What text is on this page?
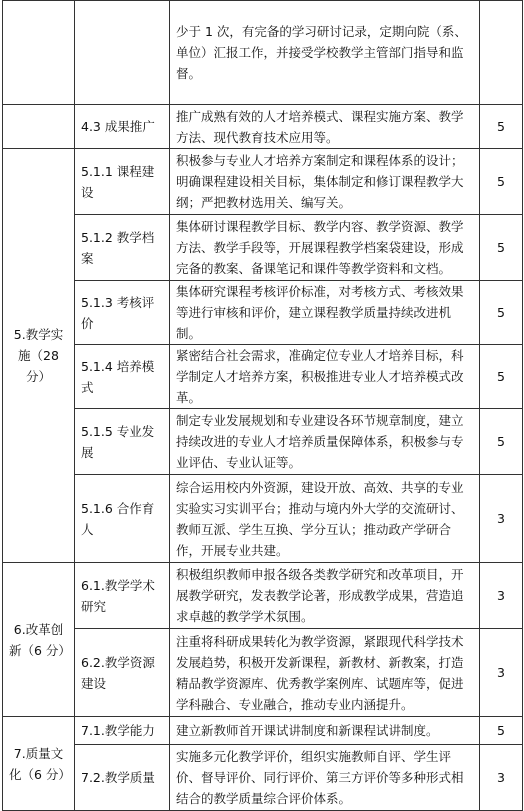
		少于 1 次，有完备的学习研讨记录，定期向院（系、单位）汇报工作，并接受学校教学主管部门指导和监督。	
	4.3 成果推广	推广成熟有效的人才培养模式、课程实施方案、教学方法、现代教育技术应用等。	5
5.教学实施（28 分）	5.1.1 课程建设	积极参与专业人才培养方案制定和课程体系的设计；明确课程建设相关目标，集体制定和修订课程教学大纲；严把教材选用关、编写关。	5
	5.1.2 教学档案	集体研讨课程教学目标、教学内容、教学资源、教学方法、教学手段等，开展课程教学档案袋建设，形成完备的教案、备课笔记和课件等教学资料和文档。	5
	5.1.3 考核评价	集体研究课程考核评价标准，对考核方式、考核效果等进行审核和评价，建立课程教学质量持续改进机制。	5
	5.1.4 培养模式	紧密结合社会需求，准确定位专业人才培养目标，科学制定人才培养方案，积极推进专业人才培养模式改革。	5
	5.1.5 专业发展	制定专业发展规划和专业建设各环节规章制度，建立持续改进的专业人才培养质量保障体系，积极参与专业评估、专业认证等。	5
	5.1.6 合作育人	综合运用校内外资源，建设开放、高效、共享的专业实验实习实训平台；推动与境内外大学的交流研讨、教师互派、学生互换、学分互认；推动政产学研合作，开展专业共建。	3
6.改革创新（6 分）	6.1.教学学术研究	积极组织教师申报各级各类教学研究和改革项目，开展教学研究，发表教学论著，形成教学成果，营造追求卓越的教学学术氛围。	3
	6.2.教学资源建设	注重将科研成果转化为教学资源，紧跟现代科学技术发展趋势，积极开发新课程，新教材、新教案，打造精品教学资源库、优秀教学案例库、试题库等，促进学科融合、专业融合，推动专业内涵提升。	3
7.质量文化（6 分）	7.1.教学能力	建立新教师首开课试讲制度和新课程试讲制度。	5
	7.2.教学质量	实施多元化教学评价，组织实施教师自评、学生评价、督导评价、同行评价、第三方评价等多种形式相结合的教学质量综合评价体系。	3
